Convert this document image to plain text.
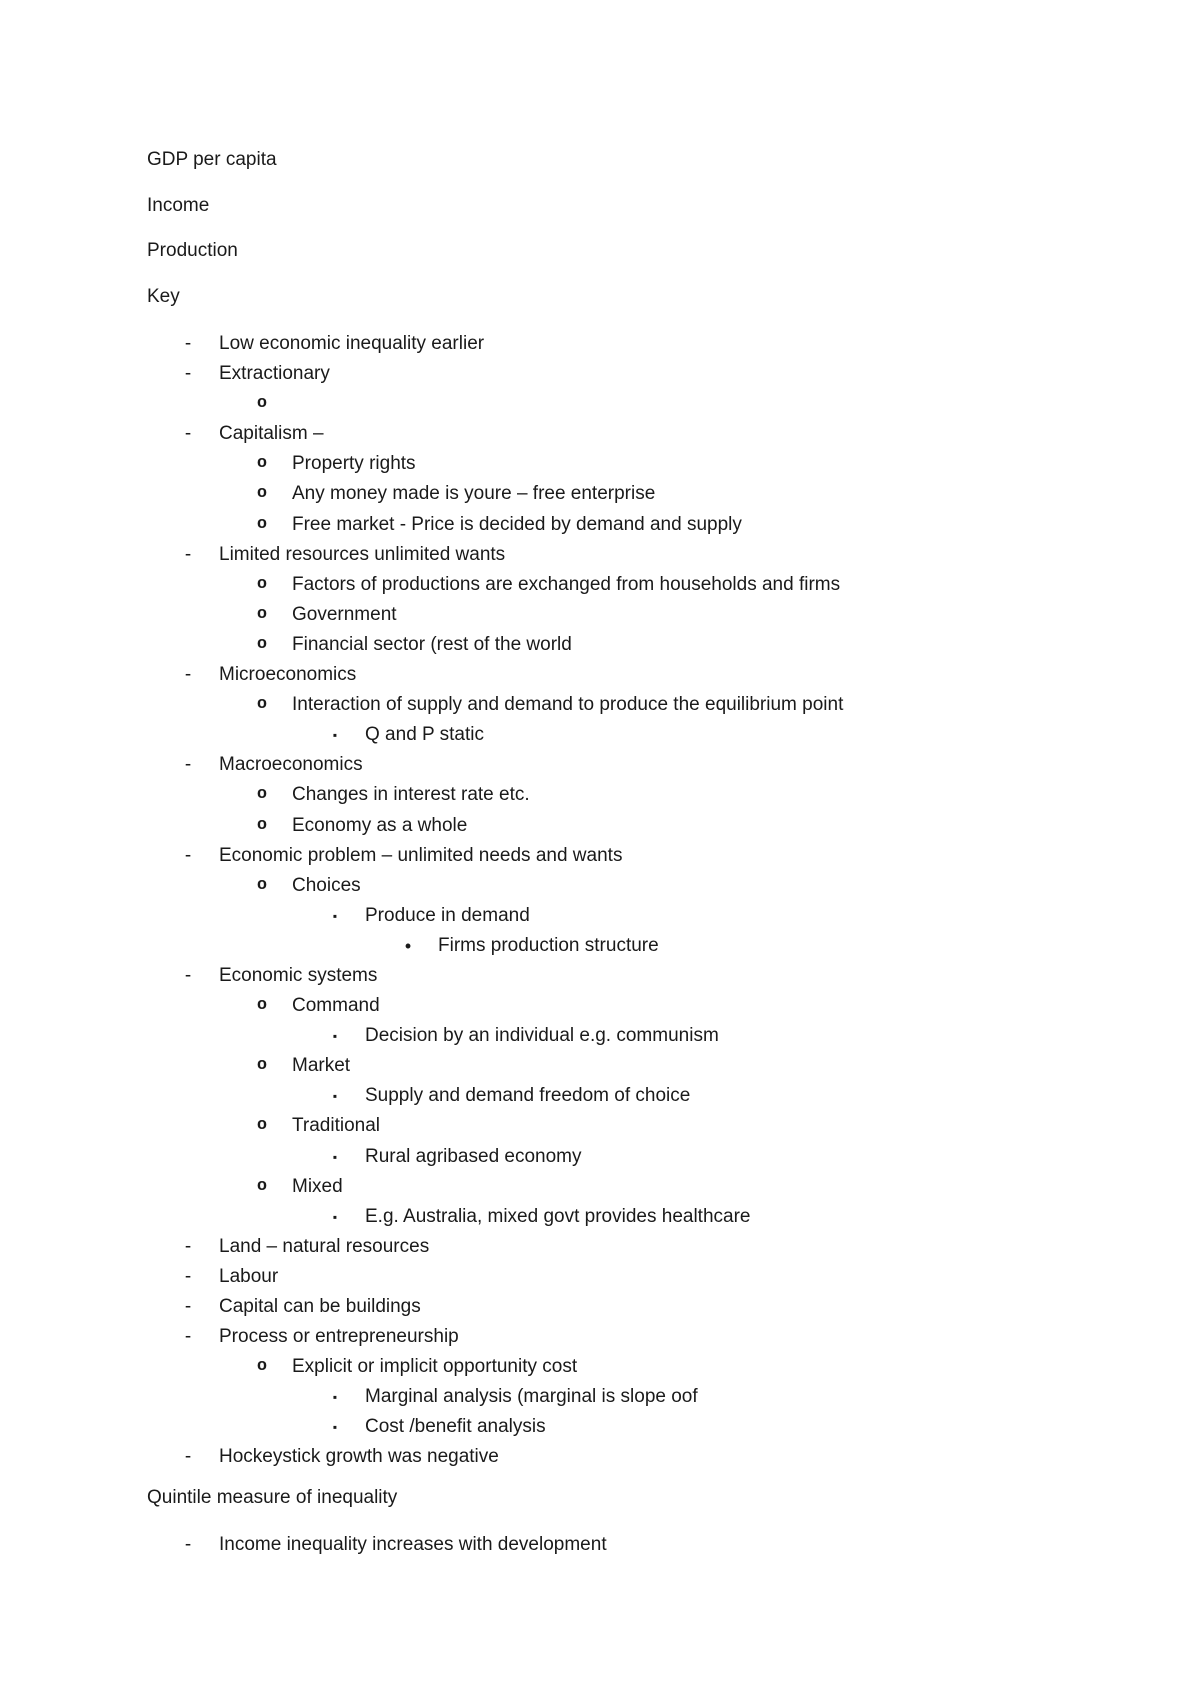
GDP per capita

Income

Production

Key

-	Low economic inequality earlier
-	Extractionary
o
-	Capitalism –
o Property rights
o Any money made is youre – free enterprise
o Free market - Price is decided by demand and supply
-	Limited resources unlimited wants
o Factors of productions are exchanged from households and firms
o Government
o Financial sector (rest of the world
-	Microeconomics
o Interaction of supply and demand to produce the equilibrium point
▪	Q and P static
-	Macroeconomics
o Changes in interest rate etc.
o Economy as a whole
-	Economic problem – unlimited needs and wants
o Choices
▪	Produce in demand
•	Firms production structure
-	Economic systems
o Command
▪	Decision by an individual e.g. communism
o Market
▪	Supply and demand freedom of choice
o Traditional
▪	Rural agribased economy
o Mixed
▪	E.g. Australia, mixed govt provides healthcare
-	Land – natural resources
-	Labour
-	Capital can be buildings
-	Process or entrepreneurship
o Explicit or implicit opportunity cost
▪	Marginal analysis (marginal is slope oof
▪	Cost /benefit analysis
-	Hockeystick growth was negative

Quintile measure of inequality

-	Income inequality increases with development
